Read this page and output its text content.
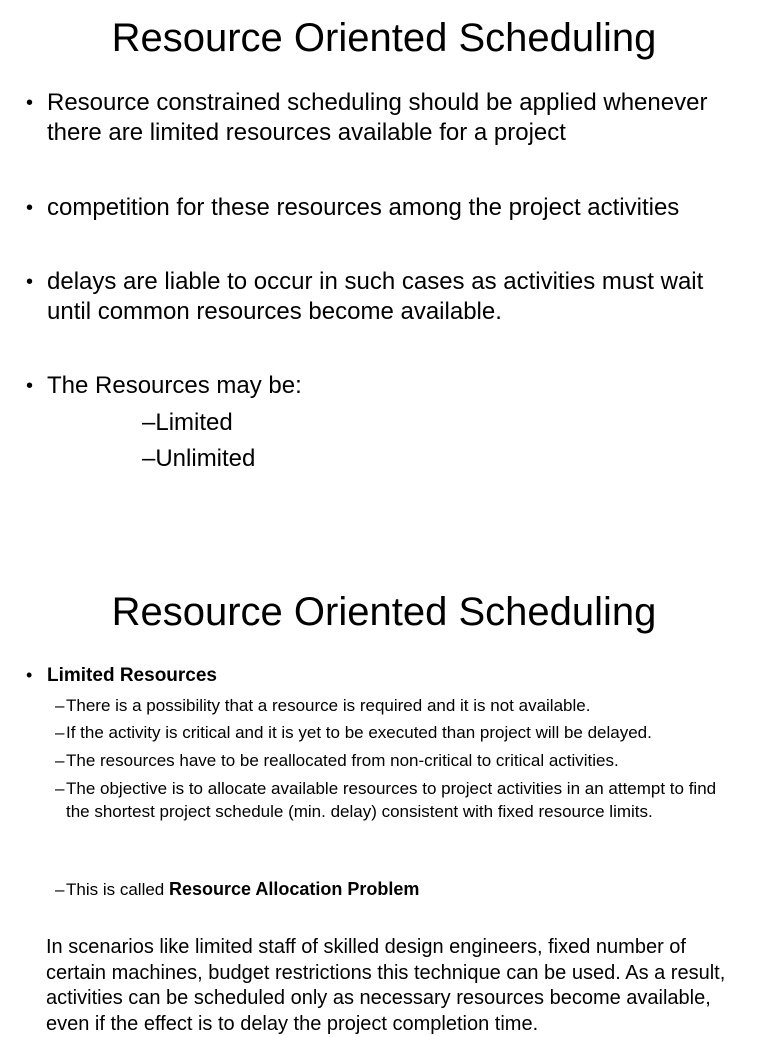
Resource Oriented Scheduling
• Resource constrained scheduling should be applied whenever there are limited resources available for a project
• competition for these resources among the project activities
• delays are liable to occur in such cases as activities must wait until common resources become available.
• The Resources may be:
–Limited
–Unlimited
Resource Oriented Scheduling
• Limited Resources
– There is a possibility that a resource is required and it is not available.
– If the activity is critical and it is yet to be executed than project will be delayed.
– The resources have to be reallocated from non-critical to critical activities.
– The objective is to allocate available resources to project activities in an attempt to find the shortest project schedule (min. delay) consistent with fixed resource limits.
– This is called Resource Allocation Problem
In scenarios like limited staff of skilled design engineers, fixed number of certain machines, budget restrictions this technique can be used. As a result, activities can be scheduled only as necessary resources become available, even if the effect is to delay the project completion time.
